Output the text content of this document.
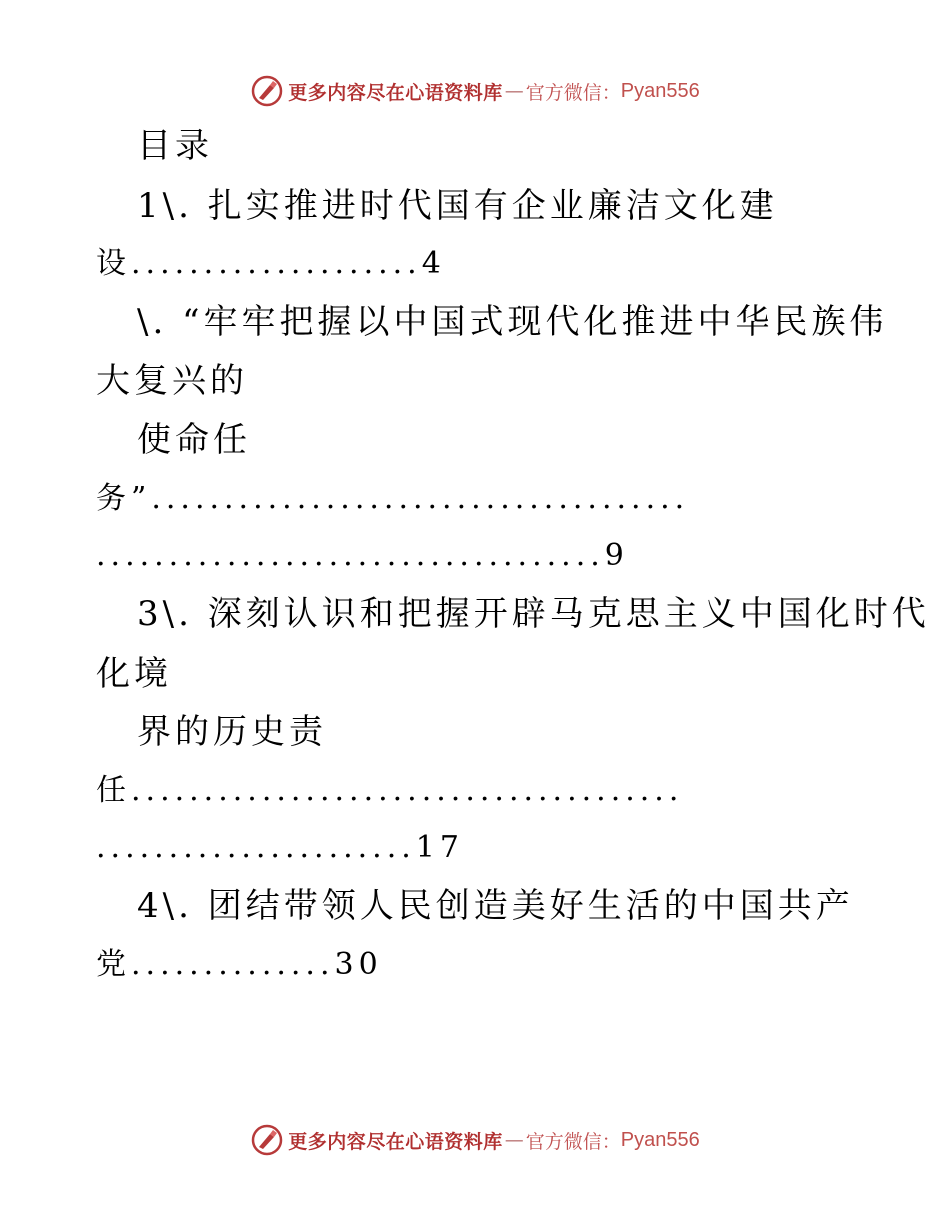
更多内容尽在心语资料库 — 官方微信： Pyan556
目录
1\. 扎实推进时代国有企业廉洁文化建
设....................4
\. “牢牢把握以中国式现代化推进中华民族伟
大复兴的
使命任
务”.....................................
...................................9
3\. 深刻认识和把握开辟马克思主义中国化时代
化境
界的历史责
任......................................
......................17
4\. 团结带领人民创造美好生活的中国共产
党..............30
更多内容尽在心语资料库 — 官方微信： Pyan556
